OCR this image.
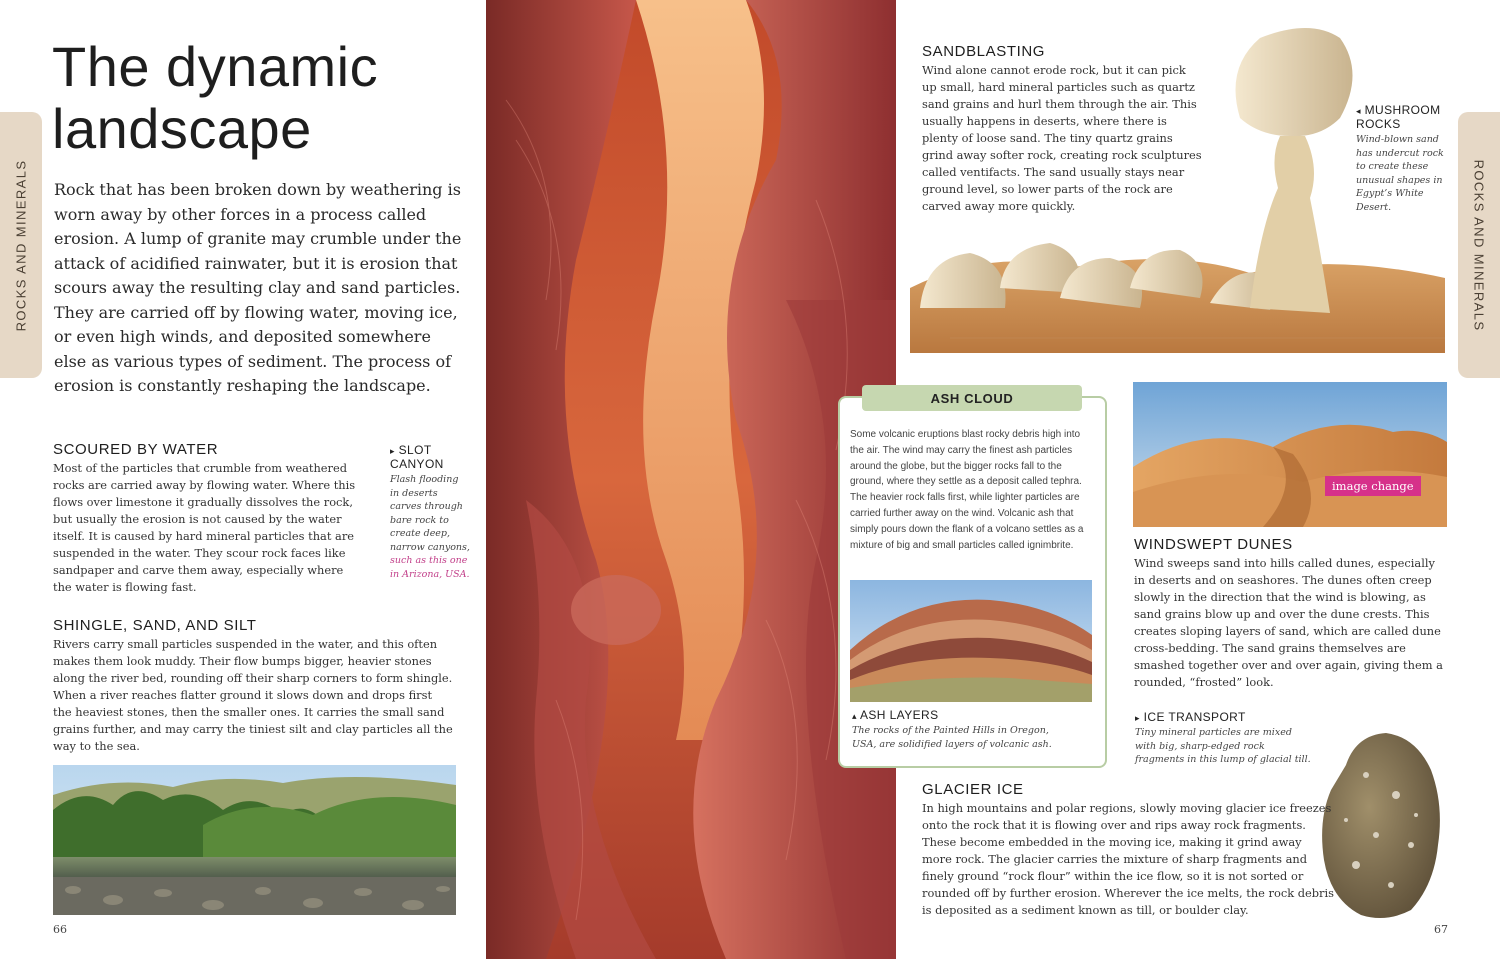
ROCKS AND MINERALS	ROCKS AND MINERALS
The dynamic
landscape
Rock that has been broken down by weathering is worn away by other forces in a process called erosion. A lump of granite may crumble under the attack of acidified rainwater, but it is erosion that scours away the resulting clay and sand particles. They are carried off by flowing water, moving ice, or even high winds, and deposited somewhere else as various types of sediment. The process of erosion is constantly reshaping the landscape.
SCOURED BY WATER
Most of the particles that crumble from weathered rocks are carried away by flowing water. Where this flows over limestone it gradually dissolves the rock, but usually the erosion is not caused by the water itself. It is caused by hard mineral particles that are suspended in the water. They scour rock faces like sandpaper and carve them away, especially where the water is flowing fast.
▸ SLOT CANYON
Flash flooding in deserts carves through bare rock to create deep, narrow canyons, such as this one in Arizona, USA.
SHINGLE, SAND, AND SILT
Rivers carry small particles suspended in the water, and this often makes them look muddy. Their flow bumps bigger, heavier stones along the river bed, rounding off their sharp corners to form shingle. When a river reaches flatter ground it slows down and drops first the heaviest stones, then the smaller ones. It carries the small sand grains further, and may carry the tiniest silt and clay particles all the way to the sea.
66
SANDBLASTING
Wind alone cannot erode rock, but it can pick up small, hard mineral particles such as quartz sand grains and hurl them through the air. This usually happens in deserts, where there is plenty of loose sand. The tiny quartz grains grind away softer rock, creating rock sculptures called ventifacts. The sand usually stays near ground level, so lower parts of the rock are carved away more quickly.
◂ MUSHROOM ROCKS
Wind-blown sand has undercut rock to create these unusual shapes in Egypt’s White Desert.
ASH CLOUD
Some volcanic eruptions blast rocky debris high into the air. The wind may carry the finest ash particles around the globe, but the bigger rocks fall to the ground, where they settle as a deposit called tephra. The heavier rock falls first, while lighter particles are carried further away on the wind. Volcanic ash that simply pours down the flank of a volcano settles as a mixture of big and small particles called ignimbrite.
▴ ASH LAYERS
The rocks of the Painted Hills in Oregon, USA, are solidified layers of volcanic ash.
image change
WINDSWEPT DUNES
Wind sweeps sand into hills called dunes, especially in deserts and on seashores. The dunes often creep slowly in the direction that the wind is blowing, as sand grains blow up and over the dune crests. This creates sloping layers of sand, which are called dune cross-bedding. The sand grains themselves are smashed together over and over again, giving them a rounded, “frosted” look.
▸ ICE TRANSPORT
Tiny mineral particles are mixed with big, sharp-edged rock fragments in this lump of glacial till.
GLACIER ICE
In high mountains and polar regions, slowly moving glacier ice freezes onto the rock that it is flowing over and rips away rock fragments. These become embedded in the moving ice, making it grind away more rock. The glacier carries the mixture of sharp fragments and finely ground “rock flour” within the ice flow, so it is not sorted or rounded off by further erosion. Wherever the ice melts, the rock debris is deposited as a sediment known as till, or boulder clay.
67
